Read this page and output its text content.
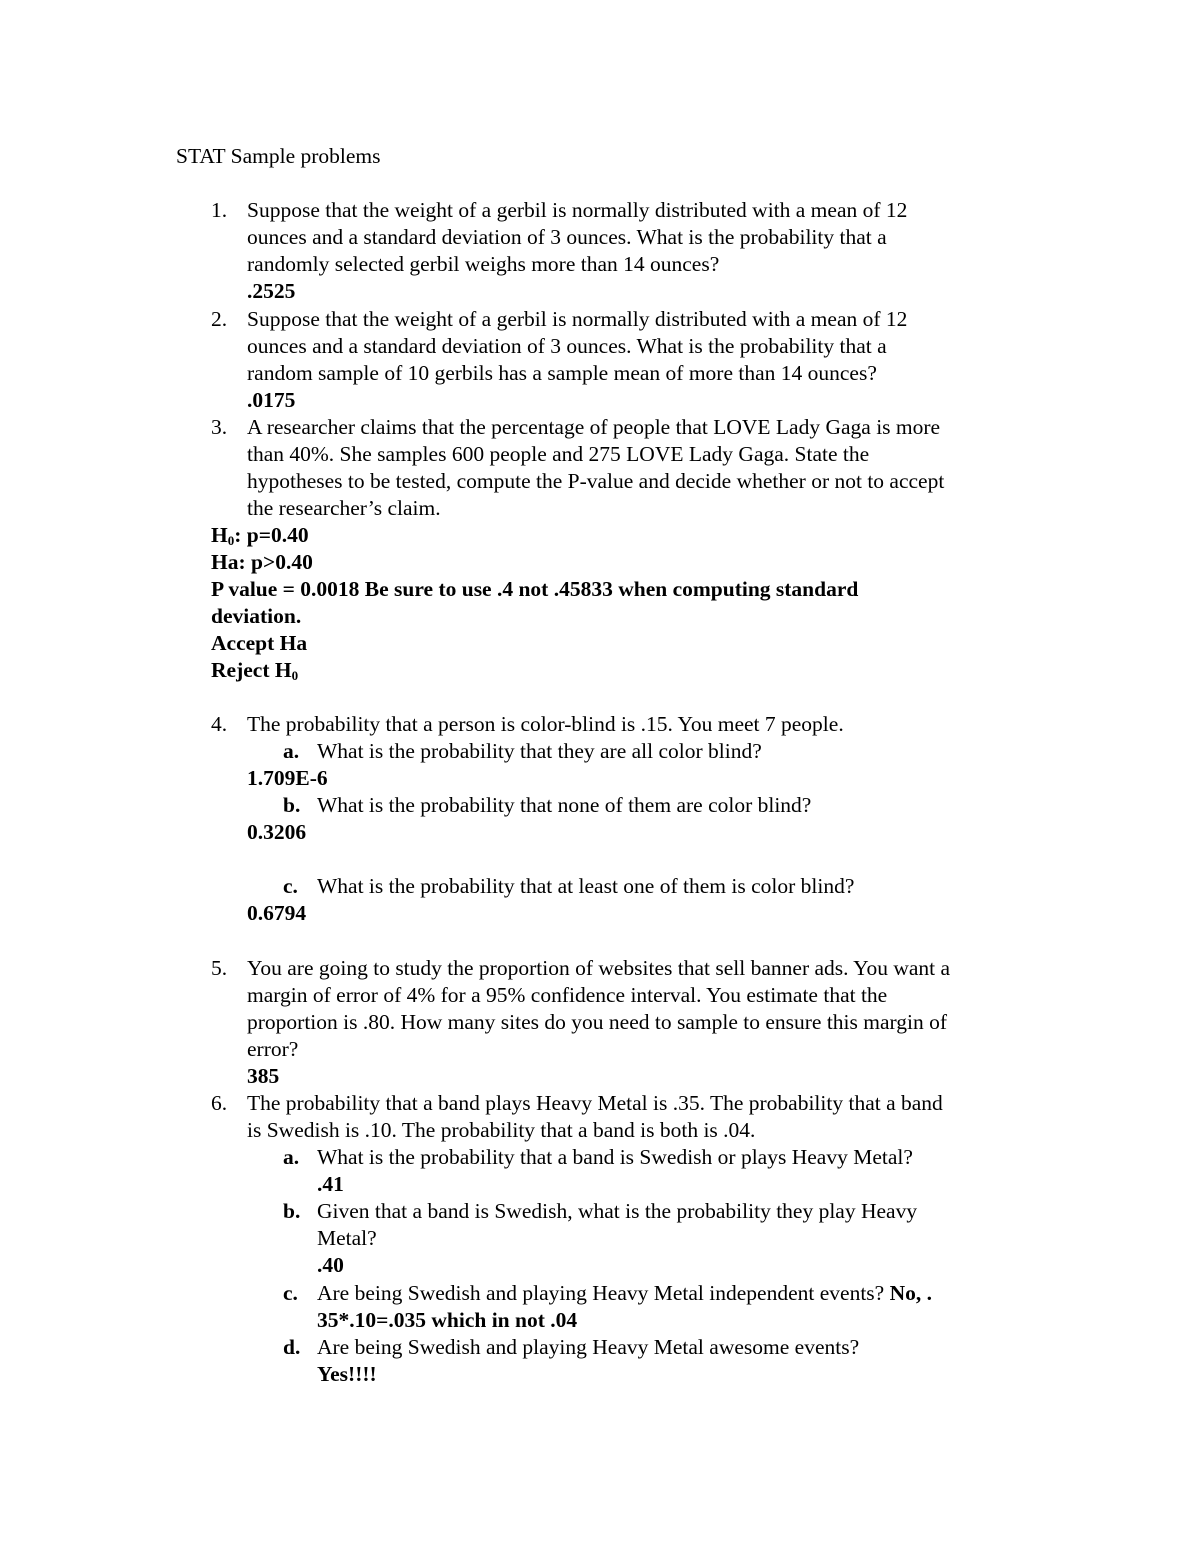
STAT Sample problems
1. Suppose that the weight of a gerbil is normally distributed with a mean of 12
ounces and a standard deviation of 3 ounces. What is the probability that a
randomly selected gerbil weighs more than 14 ounces?
.2525
2. Suppose that the weight of a gerbil is normally distributed with a mean of 12
ounces and a standard deviation of 3 ounces. What is the probability that a
random sample of 10 gerbils has a sample mean of more than 14 ounces?
.0175
3. A researcher claims that the percentage of people that LOVE Lady Gaga is more
than 40%. She samples 600 people and 275 LOVE Lady Gaga. State the
hypotheses to be tested, compute the P-value and decide whether or not to accept
the researcher’s claim.
$H_0$: p=0.40
Ha: p>0.40
P value = 0.0018 Be sure to use .4 not .45833 when computing standard
deviation.
Accept Ha
Reject $H_0$
4. The probability that a person is color-blind is .15. You meet 7 people.
a. What is the probability that they are all color blind?
1.709E-6
b. What is the probability that none of them are color blind?
0.3206
c. What is the probability that at least one of them is color blind?
0.6794
5. You are going to study the proportion of websites that sell banner ads. You want a
margin of error of 4% for a 95% confidence interval. You estimate that the
proportion is .80. How many sites do you need to sample to ensure this margin of
error?
385
6. The probability that a band plays Heavy Metal is .35. The probability that a band
is Swedish is .10. The probability that a band is both is .04.
a. What is the probability that a band is Swedish or plays Heavy Metal?
.41
b. Given that a band is Swedish, what is the probability they play Heavy
Metal?
.40
c. Are being Swedish and playing Heavy Metal independent events? No, .
35*.10=.035 which in not .04
d. Are being Swedish and playing Heavy Metal awesome events?
Yes!!!!
